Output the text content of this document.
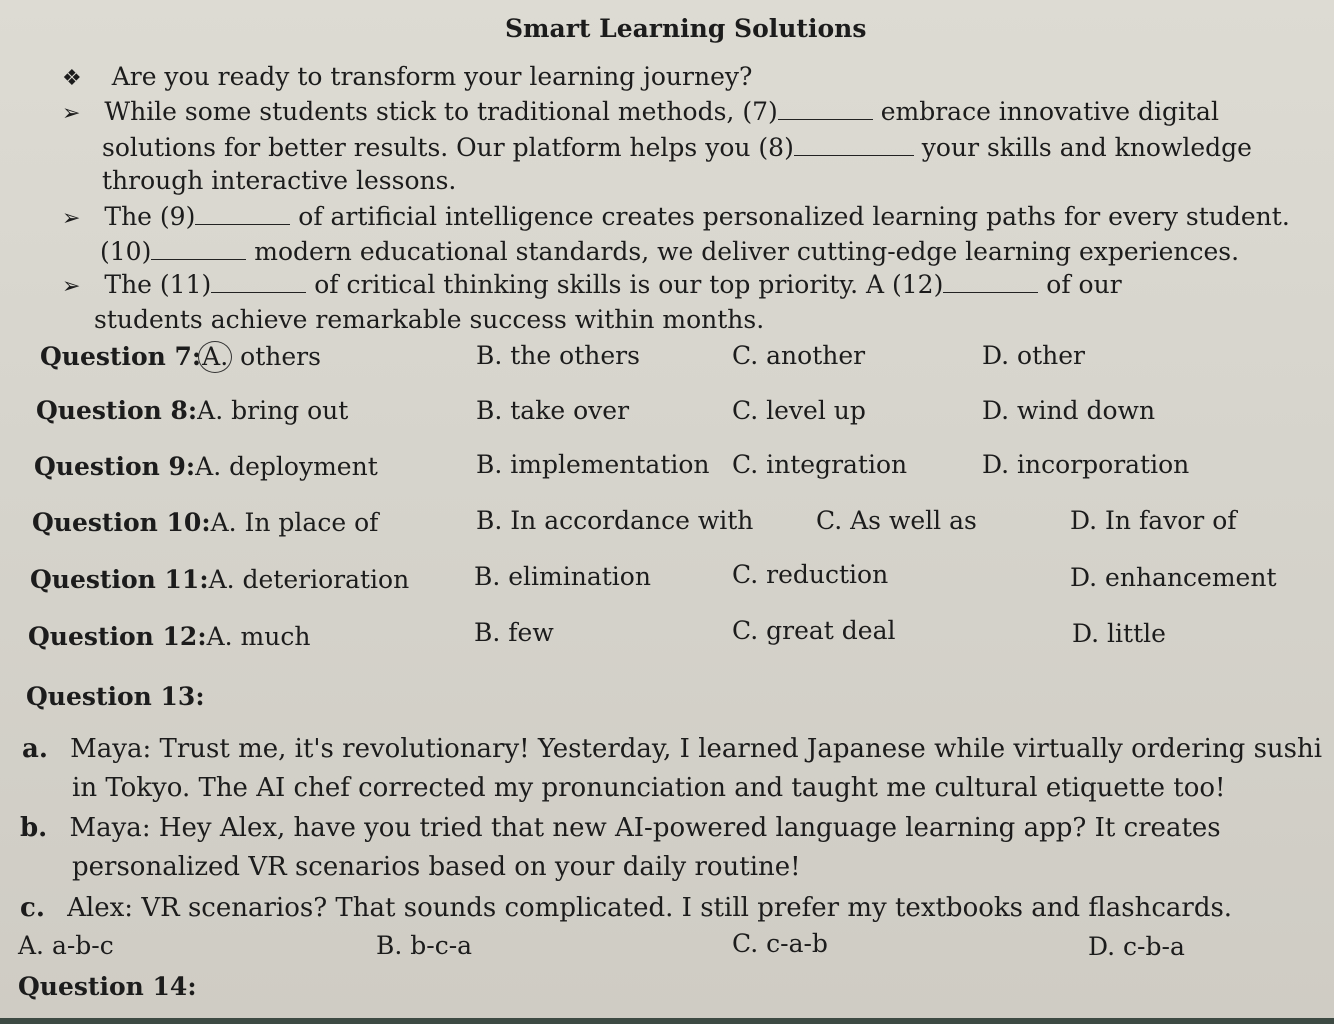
Smart Learning Solutions
❖ Are you ready to transform your learning journey?
➢ While some students stick to traditional methods, (7)	embrace innovative digital
solutions for better results. Our platform helps you (8)	your skills and knowledge
through interactive lessons.
➢ The (9)	of artificial intelligence creates personalized learning paths for every student.
(10)	modern educational standards, we deliver cutting-edge learning experiences.
➢ The (11)	of critical thinking skills is our top priority. A (12)	of our
students achieve remarkable success within months.
Question 7:A. others	B. the others	C. another	D. other
Question 8:A. bring out	B. take over	C. level up	D. wind down
Question 9:A. deployment	B. implementation C. integration	D. incorporation
Question 10:A. In place of	B. In accordance with	C. As well as	D. In favor of
Question 11:A. deterioration	B. elimination	C. reduction	D. enhancement
Question 12:A. much	B. few	C. great deal	D. little
Question 13:
a. Maya: Trust me, it's revolutionary! Yesterday, I learned Japanese while virtually ordering sushi
in Tokyo. The AI chef corrected my pronunciation and taught me cultural etiquette too!
b. Maya: Hey Alex, have you tried that new AI-powered language learning app? It creates
personalized VR scenarios based on your daily routine!
c. Alex: VR scenarios? That sounds complicated. I still prefer my textbooks and flashcards.
A. a-b-c	B. b-c-a	C. c-a-b	D. c-b-a
Question 14:
